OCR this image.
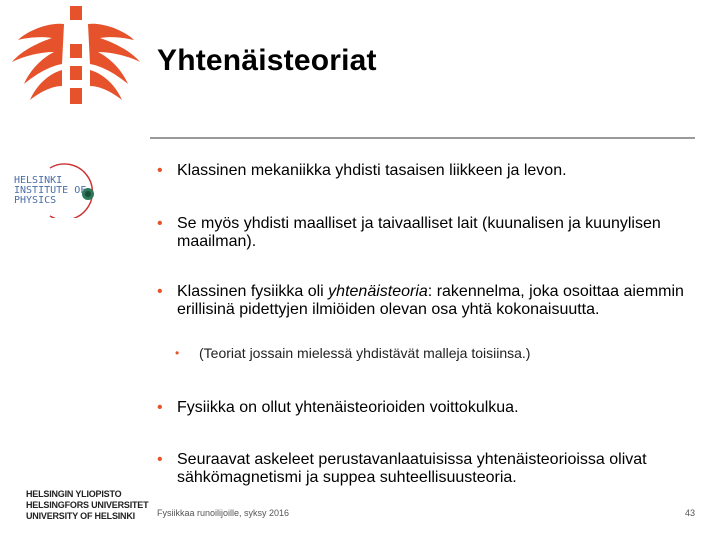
Yhtenäisteoriat
HELSINKI
INSTITUTE OF
PHYSICS
• Klassinen mekaniikka yhdisti tasaisen liikkeen ja levon.
• Se myös yhdisti maalliset ja taivaalliset lait (kuunalisen ja kuunylisen maailman).
• Klassinen fysiikka oli yhtenäisteoria: rakennelma, joka osoittaa aiemmin erillisinä pidettyjen ilmiöiden olevan osa yhtä kokonaisuutta.
• (Teoriat jossain mielessä yhdistävät malleja toisiinsa.)
• Fysiikka on ollut yhtenäisteorioiden voittokulkua.
• Seuraavat askeleet perustavanlaatuisissa yhtenäisteorioissa olivat sähkömagnetismi ja suppea suhteellisuusteoria.
HELSINGIN YLIOPISTO
HELSINGFORS UNIVERSITET
UNIVERSITY OF HELSINKI	Fysiikkaa runoilijoille, syksy 2016	43
